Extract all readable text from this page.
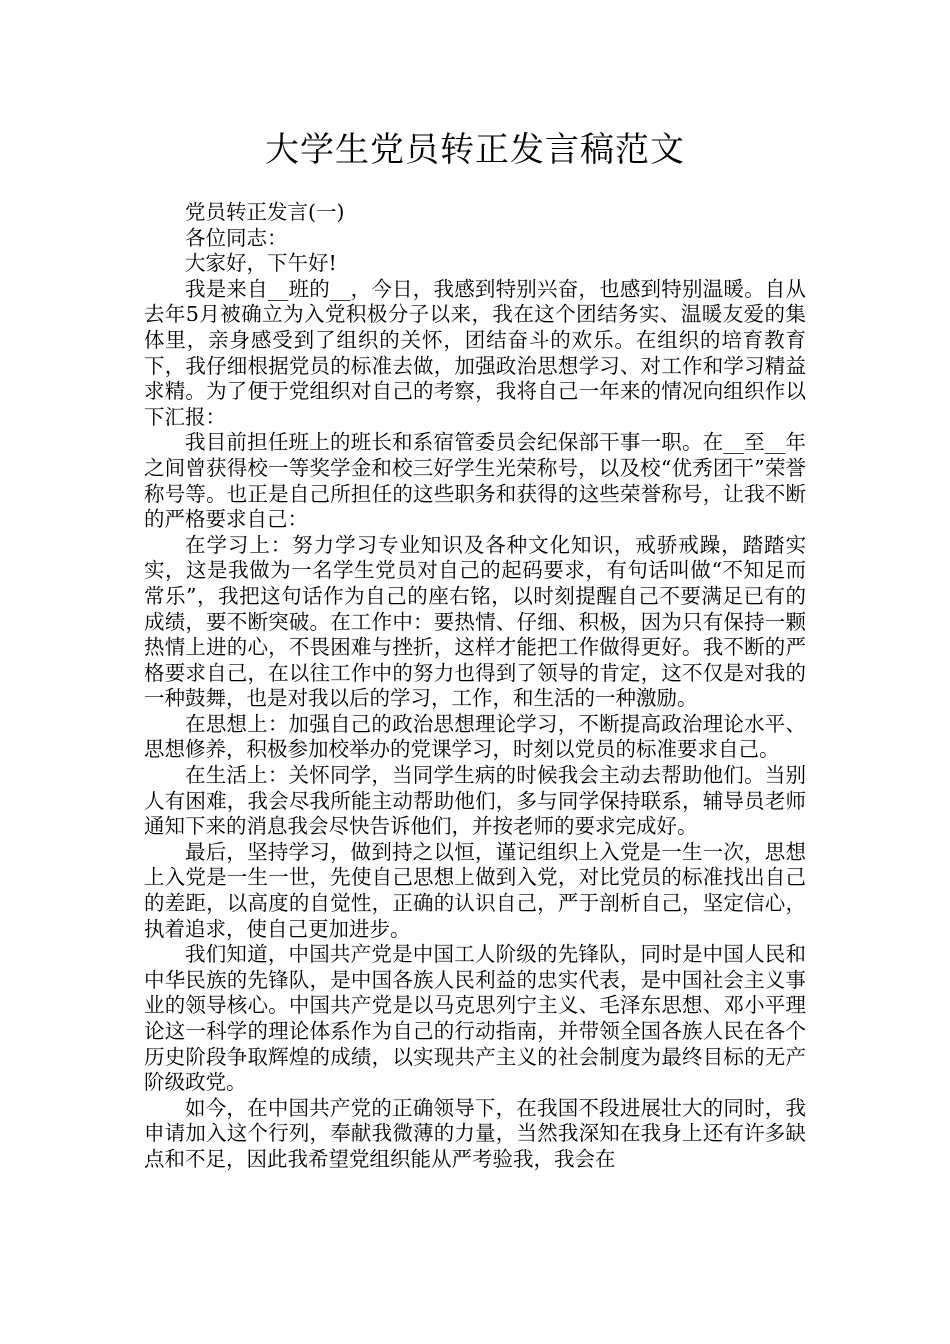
大学生党员转正发言稿范文

党员转正发言(一)

各位同志：

大家好，下午好!

我是来自__班的__，今日，我感到特别兴奋，也感到特别温暖。自从去年5月被确立为入党积极分子以来，我在这个团结务实、温暖友爱的集体里，亲身感受到了组织的关怀，团结奋斗的欢乐。在组织的培育教育下，我仔细根据党员的标准去做，加强政治思想学习、对工作和学习精益求精。为了便于党组织对自己的考察，我将自己一年来的情况向组织作以下汇报：

我目前担任班上的班长和系宿管委员会纪保部干事一职。在__至__年之间曾获得校一等奖学金和校三好学生光荣称号，以及校“优秀团干”荣誉称号等。也正是自己所担任的这些职务和获得的这些荣誉称号，让我不断的严格要求自己：

在学习上：努力学习专业知识及各种文化知识，戒骄戒躁，踏踏实实，这是我做为一名学生党员对自己的起码要求，有句话叫做“不知足而常乐”，我把这句话作为自己的座右铭，以时刻提醒自己不要满足已有的成绩，要不断突破。在工作中：要热情、仔细、积极，因为只有保持一颗热情上进的心，不畏困难与挫折，这样才能把工作做得更好。我不断的严格要求自己，在以往工作中的努力也得到了领导的肯定，这不仅是对我的一种鼓舞，也是对我以后的学习，工作，和生活的一种激励。

在思想上：加强自己的政治思想理论学习，不断提高政治理论水平、思想修养，积极参加校举办的党课学习，时刻以党员的标准要求自己。

在生活上：关怀同学，当同学生病的时候我会主动去帮助他们。当别人有困难，我会尽我所能主动帮助他们，多与同学保持联系，辅导员老师通知下来的消息我会尽快告诉他们，并按老师的要求完成好。

最后，坚持学习，做到持之以恒，谨记组织上入党是一生一次，思想上入党是一生一世，先使自己思想上做到入党，对比党员的标准找出自己的差距，以高度的自觉性，正确的认识自己，严于剖析自己，坚定信心，执着追求，使自己更加进步。

我们知道，中国共产党是中国工人阶级的先锋队，同时是中国人民和中华民族的先锋队，是中国各族人民利益的忠实代表，是中国社会主义事业的领导核心。中国共产党是以马克思列宁主义、毛泽东思想、邓小平理论这一科学的理论体系作为自己的行动指南，并带领全国各族人民在各个历史阶段争取辉煌的成绩，以实现共产主义的社会制度为最终目标的无产阶级政党。

如今，在中国共产党的正确领导下，在我国不段进展壮大的同时，我申请加入这个行列，奉献我微薄的力量，当然我深知在我身上还有许多缺点和不足，因此我希望党组织能从严考验我，我会在
